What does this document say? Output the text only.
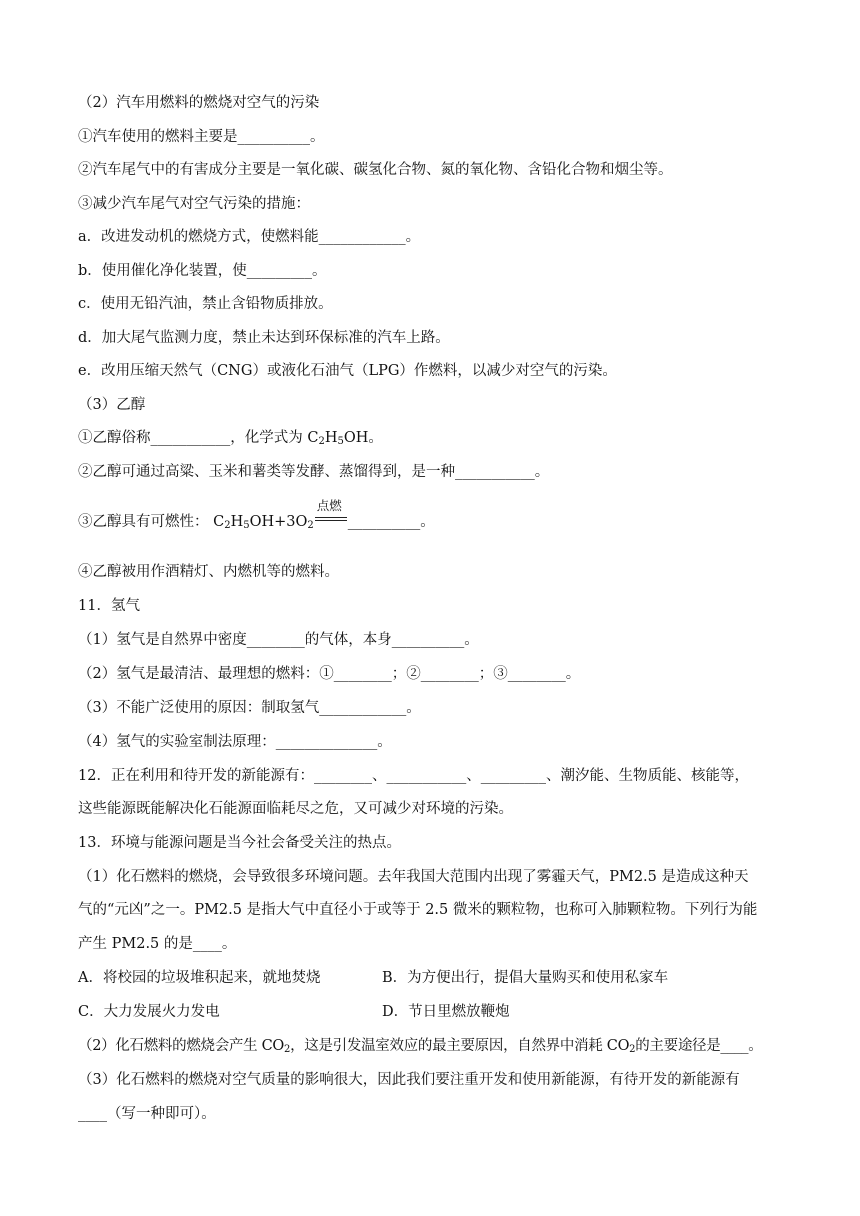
（2）汽车用燃料的燃烧对空气的污染
①汽车使用的燃料主要是__________。
②汽车尾气中的有害成分主要是一氧化碳、碳氢化合物、氮的氧化物、含铅化合物和烟尘等。
③减少汽车尾气对空气污染的措施：
a．改进发动机的燃烧方式，使燃料能____________。
b．使用催化净化装置，使_________。
c．使用无铅汽油，禁止含铅物质排放。
d．加大尾气监测力度，禁止未达到环保标准的汽车上路。
e．改用压缩天然气（CNG）或液化石油气（LPG）作燃料，以减少对空气的污染。
（3）乙醇
①乙醇俗称___________，化学式为 $C_2H_5OH$。
②乙醇可通过高粱、玉米和薯类等发酵、蒸馏得到，是一种___________。
③乙醇具有可燃性： $C_2H_5OH+3O_2$
点燃
__________。
④乙醇被用作酒精灯、内燃机等的燃料。
11．氢气
（1）氢气是自然界中密度________的气体，本身__________。
（2）氢气是最清洁、最理想的燃料：①________；②________；③________。
（3）不能广泛使用的原因：制取氢气____________。
（4）氢气的实验室制法原理：______________。
12．正在利用和待开发的新能源有：________、___________、_________、潮汐能、生物质能、核能等，
这些能源既能解决化石能源面临耗尽之危，又可减少对环境的污染。
13．环境与能源问题是当今社会备受关注的热点。
（1）化石燃料的燃烧，会导致很多环境问题。去年我国大范围内出现了雾霾天气，PM2.5 是造成这种天
气的“元凶”之一。PM2.5 是指大气中直径小于或等于 2.5 微米的颗粒物，也称可入肺颗粒物。下列行为能
产生 PM2.5 的是____。
A．将校园的垃圾堆积起来，就地焚烧	B．为方便出行，提倡大量购买和使用私家车
C．大力发展火力发电	D．节日里燃放鞭炮
（2）化石燃料的燃烧会产生 $CO_2$，这是引发温室效应的最主要原因，自然界中消耗 $CO_2$的主要途径是____。
（3）化石燃料的燃烧对空气质量的影响很大，因此我们要注重开发和使用新能源，有待开发的新能源有
____（写一种即可）。
